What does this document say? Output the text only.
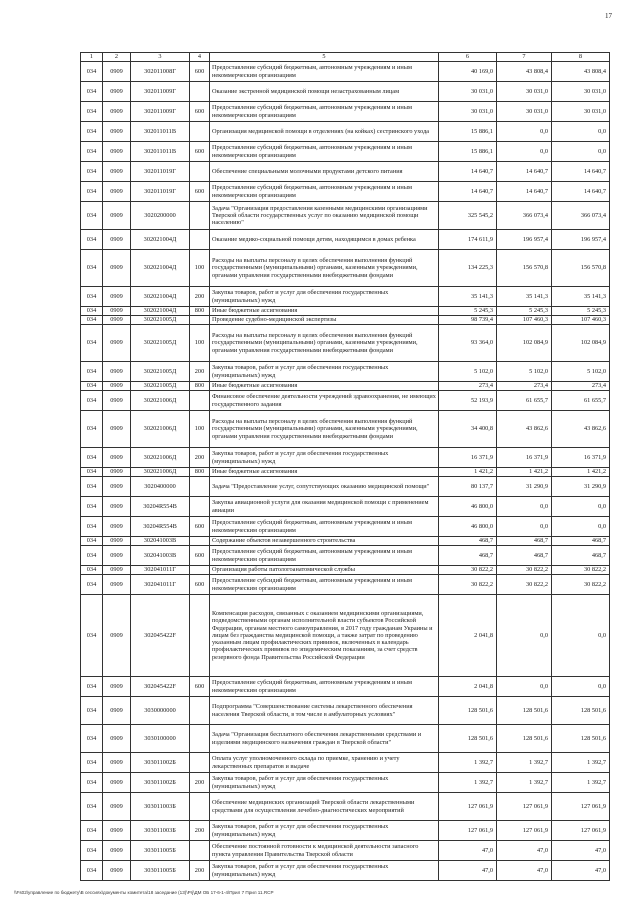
17
1	2	3	4	5	6	7	8
034	0909	302011008Г	600	Предоставление субсидий бюджетным, автономным учреждениям и иным некоммерческим организациям	40 169,0	43 808,4	43 808,4
034	0909	302011009Г		Оказание экстренной медицинской помощи незастрахованным лицам	30 031,0	30 031,0	30 031,0
034	0909	302011009Г	600	Предоставление субсидий бюджетным, автономным учреждениям и иным некоммерческим организациям	30 031,0	30 031,0	30 031,0
034	0909	302011011В		Организация медицинской помощи в отделениях (на койках) сестринского ухода	15 886,1	0,0	0,0
034	0909	302011011В	600	Предоставление субсидий бюджетным, автономным учреждениям и иным некоммерческим организациям	15 886,1	0,0	0,0
034	0909	302011019Г		Обеспечение специальными молочными продуктами детского питания	14 640,7	14 640,7	14 640,7
034	0909	302011019Г	600	Предоставление субсидий бюджетным, автономным учреждениям и иным некоммерческим организациям	14 640,7	14 640,7	14 640,7
034	0909	3020200000		Задача "Организация предоставления казенными медицинскими организациями Тверской области государственных услуг по оказанию медицинской помощи населению"	325 545,2	366 073,4	366 073,4
034	0909	302021004Д		Оказание медико-социальной помощи детям, находящимся в домах ребенка	174 611,9	196 957,4	196 957,4
034	0909	302021004Д	100	Расходы на выплаты персоналу в целях обеспечения выполнения функций государственными (муниципальными) органами, казенными учреждениями, органами управления государственными внебюджетными фондами	134 225,3	156 570,8	156 570,8
034	0909	302021004Д	200	Закупка товаров, работ и услуг для обеспечения государственных (муниципальных) нужд	35 141,3	35 141,3	35 141,3
034	0909	302021004Д	800	Иные бюджетные ассигнования	5 245,3	5 245,3	5 245,3
034	0909	302021005Д		Проведение судебно-медицинской экспертизы	98 739,4	107 460,3	107 460,3
034	0909	302021005Д	100	Расходы на выплаты персоналу в целях обеспечения выполнения функций государственными (муниципальными) органами, казенными учреждениями, органами управления государственными внебюджетными фондами	93 364,0	102 084,9	102 084,9
034	0909	302021005Д	200	Закупка товаров, работ и услуг для обеспечения государственных (муниципальных) нужд	5 102,0	5 102,0	5 102,0
034	0909	302021005Д	800	Иные бюджетные ассигнования	273,4	273,4	273,4
034	0909	302021006Д		Финансовое обеспечение деятельности учреждений здравоохранения, не имеющих государственного задания	52 193,9	61 655,7	61 655,7
034	0909	302021006Д	100	Расходы на выплаты персоналу в целях обеспечения выполнения функций государственными (муниципальными) органами, казенными учреждениями, органами управления государственными внебюджетными фондами	34 400,8	43 862,6	43 862,6
034	0909	302021006Д	200	Закупка товаров, работ и услуг для обеспечения государственных (муниципальных) нужд	16 371,9	16 371,9	16 371,9
034	0909	302021006Д	800	Иные бюджетные ассигнования	1 421,2	1 421,2	1 421,2
034	0909	3020400000		Задача "Предоставление услуг, сопутствующих оказанию медицинской помощи"	80 137,7	31 290,9	31 290,9
034	0909	30204R554В		Закупка авиационной услуги для оказания медицинской помощи с применением авиации	46 800,0	0,0	0,0
034	0909	30204R554В	600	Предоставление субсидий бюджетным, автономным учреждениям и иным некоммерческим организациям	46 800,0	0,0	0,0
034	0909	302041003В		Содержание объектов незавершенного строительства	468,7	468,7	468,7
034	0909	302041003В	600	Предоставление субсидий бюджетным, автономным учреждениям и иным некоммерческим организациям	468,7	468,7	468,7
034	0909	302041011Г		Организация работы патологоанатомической службы	30 822,2	30 822,2	30 822,2
034	0909	302041011Г	600	Предоставление субсидий бюджетным, автономным учреждениям и иным некоммерческим организациям	30 822,2	30 822,2	30 822,2
034	0909	302045422F		Компенсация расходов, связанных с оказанием медицинскими организациями, подведомственными органам исполнительной власти субъектов Российской Федерации, органам местного самоуправления, в 2017 году гражданам Украины и лицам без гражданства медицинской помощи, а также затрат по проведению указанным лицам профилактических прививок, включенных в календарь профилактических прививок по эпидемическим показаниям, за счет средств резервного фонда Правительства Российской Федерации	2 041,8	0,0	0,0
034	0909	302045422F	600	Предоставление субсидий бюджетным, автономным учреждениям и иным некоммерческим организациям	2 041,8	0,0	0,0
034	0909	3030000000		Подпрограмма "Совершенствование системы лекарственного обеспечения населения Тверской области, в том числе в амбулаторных условиях"	128 501,6	128 501,6	128 501,6
034	0909	3030100000		Задача "Организация бесплатного обеспечения лекарственными средствами и изделиями медицинского назначения граждан в Тверской области"	128 501,6	128 501,6	128 501,6
034	0909	303011002Б		Оплата услуг уполномоченного склада по приемке, хранению и учету лекарственных препаратов и выдаче	1 392,7	1 392,7	1 392,7
034	0909	303011002Б	200	Закупка товаров, работ и услуг для обеспечения государственных (муниципальных) нужд	1 392,7	1 392,7	1 392,7
034	0909	303011003Б		Обеспечение медицинских организаций Тверской области лекарственными средствами для осуществления лечебно-диагностических мероприятий	127 061,9	127 061,9	127 061,9
034	0909	303011003Б	200	Закупка товаров, работ и услуг для обеспечения государственных (муниципальных) нужд	127 061,9	127 061,9	127 061,9
034	0909	303011005Б		Обеспечение постоянной готовности к медицинской деятельности запасного пункта управления Правительства Тверской области	47,0	47,0	47,0
034	0909	303011005Б	200	Закупка товаров, работ и услуг для обеспечения государственных (муниципальных) нужд	47,0	47,0	47,0
\\Fs02\управление по бюджету\В сессиях\документы комитета\18 заседание (13)\Prj\ДМ ОБ 17-6-1-4\Прил 7 Прил 11.RCP
